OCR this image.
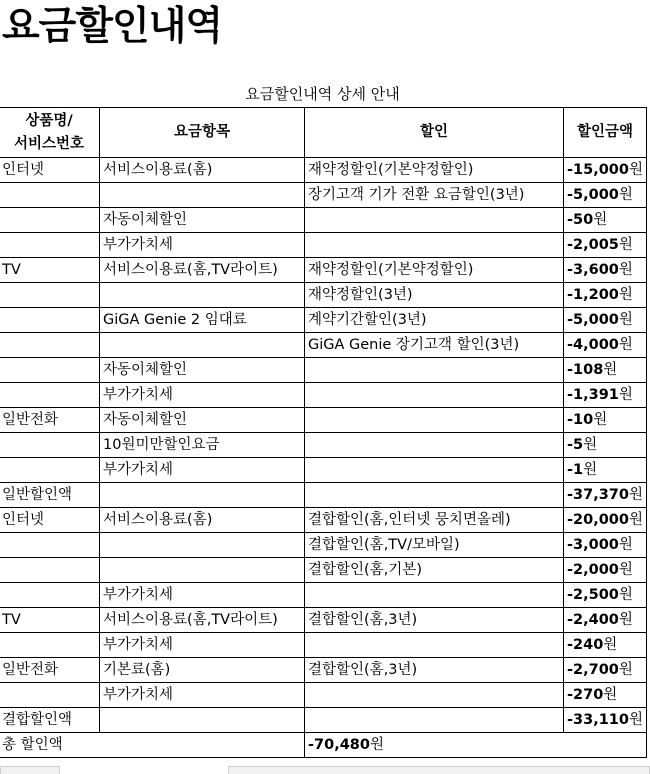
요금할인내역
요금할인내역 상세 안내
상품명/
서비스번호	요금항목	할인	할인금액
인터넷	서비스이용료(홈)	재약정할인(기본약정할인)	-15,000원
		장기고객 기가 전환 요금할인(3년)	-5,000원
	자동이체할인		-50원
	부가가치세		-2,005원
TV	서비스이용료(홈,TV라이트)	재약정할인(기본약정할인)	-3,600원
		재약정할인(3년)	-1,200원
	GiGA Genie 2 임대료	계약기간할인(3년)	-5,000원
		GiGA Genie 장기고객 할인(3년)	-4,000원
	자동이체할인		-108원
	부가가치세		-1,391원
일반전화	자동이체할인		-10원
	10원미만할인요금		-5원
	부가가치세		-1원
일반할인액			-37,370원
인터넷	서비스이용료(홈)	결합할인(홈,인터넷 뭉치면올레)	-20,000원
		결합할인(홈,TV/모바일)	-3,000원
		결합할인(홈,기본)	-2,000원
	부가가치세		-2,500원
TV	서비스이용료(홈,TV라이트)	결합할인(홈,3년)	-2,400원
	부가가치세		-240원
일반전화	기본료(홈)	결합할인(홈,3년)	-2,700원
	부가가치세		-270원
결합할인액			-33,110원
총 할인액		-70,480원	
